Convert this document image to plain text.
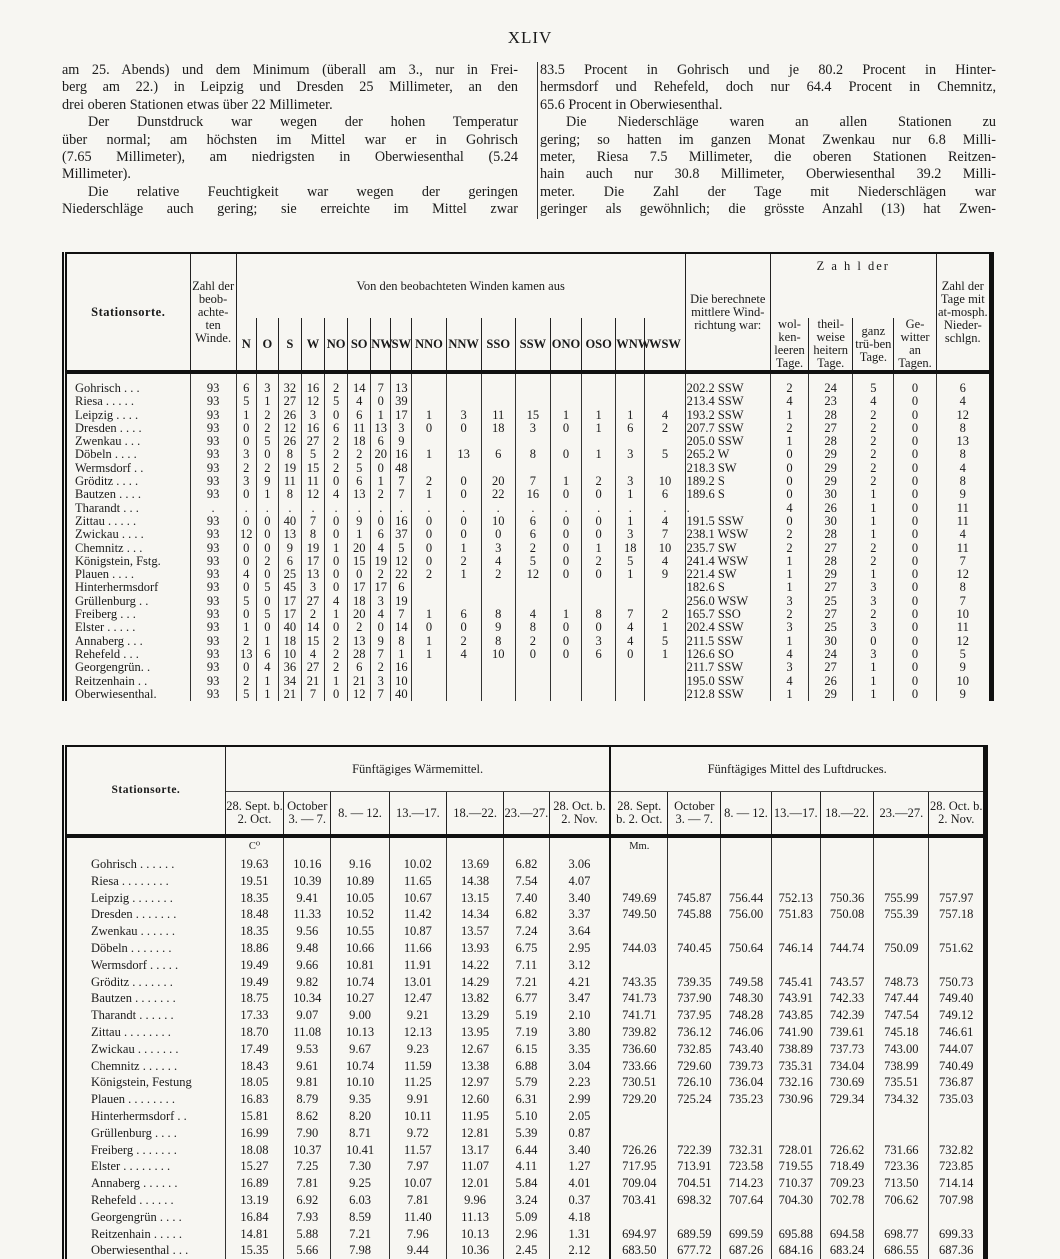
XLIV
am 25. Abends) und dem Minimum (überall am 3., nur in Frei-
berg am 22.) in Leipzig und Dresden 25 Millimeter, an den
drei oberen Stationen etwas über 22 Millimeter.
Der Dunstdruck war wegen der hohen Temperatur
über normal; am höchsten im Mittel war er in Gohrisch
(7.65 Millimeter), am niedrigsten in Oberwiesenthal (5.24
Millimeter).
Die relative Feuchtigkeit war wegen der geringen
Niederschläge auch gering; sie erreichte im Mittel zwar
83.5 Procent in Gohrisch und je 80.2 Procent in Hinter-
hermsdorf und Rehefeld, doch nur 64.4 Procent in Chemnitz,
65.6 Procent in Oberwiesenthal.
Die Niederschläge waren an allen Stationen zu
gering; so hatten im ganzen Monat Zwenkau nur 6.8 Milli-
meter, Riesa 7.5 Millimeter, die oberen Stationen Reitzen-
hain auch nur 30.8 Millimeter, Oberwiesenthal 39.2 Milli-
meter. Die Zahl der Tage mit Niederschlägen war
geringer als gewöhnlich; die grösste Anzahl (13) hat Zwen-
Stationsorte.	Zahl der beob-achte-ten Winde.	Von den beobachteten Winden kamen aus																Die berechnete mittlere Wind-richtung war:	Z a h l der				Zahl der Tage mit at-mosph. Nieder-schlgn.
		N	O	S	W	NO	SO	NW	SW	NNO	NNW	SSO	SSW	ONO	OSO	WNW	WSW		wol-ken-leeren Tage.	theil-weise heitern Tage.	ganz trü-ben Tage.	Ge-witter an Tagen.	
Gohrisch . . .	93	6	3	32	16	2	14	7	13									202.2 SSW	2	24	5	0	6
Riesa . . . . .	93	5	1	27	12	5	4	0	39									213.4 SSW	4	23	4	0	4
Leipzig . . . .	93	1	2	26	3	0	6	1	17	1	3	11	15	1	1	1	4	193.2 SSW	1	28	2	0	12
Dresden . . . .	93	0	2	12	16	6	11	13	3	0	0	18	3	0	1	6	2	207.7 SSW	2	27	2	0	8
Zwenkau . . .	93	0	5	26	27	2	18	6	9									205.0 SSW	1	28	2	0	13
Döbeln . . . .	93	3	0	8	5	2	2	20	16	1	13	6	8	0	1	3	5	265.2 W	0	29	2	0	8
Wermsdorf . .	93	2	2	19	15	2	5	0	48									218.3 SW	0	29	2	0	4
Gröditz . . . .	93	3	9	11	11	0	6	1	7	2	0	20	7	1	2	3	10	189.2 S	0	29	2	0	8
Bautzen . . . .	93	0	1	8	12	4	13	2	7	1	0	22	16	0	0	1	6	189.6 S	0	30	1	0	9
Tharandt . . .	.	.	.	.	.	.	.	.	.	.	.	.	.	.	.	.	.	.	4	26	1	0	11
Zittau . . . . .	93	0	0	40	7	0	9	0	16	0	0	10	6	0	0	1	4	191.5 SSW	0	30	1	0	11
Zwickau . . . .	93	12	0	13	8	0	1	6	37	0	0	0	6	0	0	3	7	238.1 WSW	2	28	1	0	4
Chemnitz . . .	93	0	0	9	19	1	20	4	5	0	1	3	2	0	1	18	10	235.7 SW	2	27	2	0	11
Königstein, Fstg.	93	0	2	6	17	0	15	19	12	0	2	4	5	0	2	5	4	241.4 WSW	1	28	2	0	7
Plauen . . . .	93	4	0	25	13	0	0	2	22	2	1	2	12	0	0	1	9	221.4 SW	1	29	1	0	12
Hinterhermsdorf	93	0	5	45	3	0	17	17	6									182.6 S	1	27	3	0	8
Grüllenburg . .	93	5	0	17	27	4	18	3	19									256.0 WSW	3	25	3	0	7
Freiberg . . .	93	0	5	17	2	1	20	4	7	1	6	8	4	1	8	7	2	165.7 SSO	2	27	2	0	10
Elster . . . . .	93	1	0	40	14	0	2	0	14	0	0	9	8	0	0	4	1	202.4 SSW	3	25	3	0	11
Annaberg . . .	93	2	1	18	15	2	13	9	8	1	2	8	2	0	3	4	5	211.5 SSW	1	30	0	0	12
Rehefeld . . .	93	13	6	10	4	2	28	7	1	1	4	10	0	0	6	0	1	126.6 SO	4	24	3	0	5
Georgengrün. .	93	0	4	36	27	2	6	2	16									211.7 SSW	3	27	1	0	9
Reitzenhain . .	93	2	1	34	21	1	21	3	10									195.0 SSW	4	26	1	0	10
Oberwiesenthal.	93	5	1	21	7	0	12	7	40									212.8 SSW	1	29	1	0	9
Stationsorte.	Fünftägiges Wärmemittel.							Fünftägiges Mittel des Luftdruckes.						
	28. Sept. b. 2. Oct.	October 3. — 7.	8. — 12.	13.—17.	18.—22.	23.—27.	28. Oct. b. 2. Nov.	28. Sept. b. 2. Oct.	October 3. — 7.	8. — 12.	13.—17.	18.—22.	23.—27.	28. Oct. b. 2. Nov.
	C⁰							Mm.						
Gohrisch . . . . . .	19.63	10.16	9.16	10.02	13.69	6.82	3.06							
Riesa . . . . . . . .	19.51	10.39	10.89	11.65	14.38	7.54	4.07							
Leipzig . . . . . . .	18.35	9.41	10.05	10.67	13.15	7.40	3.40	749.69	745.87	756.44	752.13	750.36	755.99	757.97
Dresden . . . . . . .	18.48	11.33	10.52	11.42	14.34	6.82	3.37	749.50	745.88	756.00	751.83	750.08	755.39	757.18
Zwenkau . . . . . .	18.35	9.56	10.55	10.87	13.57	7.24	3.64							
Döbeln . . . . . . .	18.86	9.48	10.66	11.66	13.93	6.75	2.95	744.03	740.45	750.64	746.14	744.74	750.09	751.62
Wermsdorf . . . . .	19.49	9.66	10.81	11.91	14.22	7.11	3.12							
Gröditz . . . . . . .	19.49	9.82	10.74	13.01	14.29	7.21	4.21	743.35	739.35	749.58	745.41	743.57	748.73	750.73
Bautzen . . . . . . .	18.75	10.34	10.27	12.47	13.82	6.77	3.47	741.73	737.90	748.30	743.91	742.33	747.44	749.40
Tharandt . . . . . .	17.33	9.07	9.00	9.21	13.29	5.19	2.10	741.71	737.95	748.28	743.85	742.39	747.54	749.12
Zittau . . . . . . . .	18.70	11.08	10.13	12.13	13.95	7.19	3.80	739.82	736.12	746.06	741.90	739.61	745.18	746.61
Zwickau . . . . . . .	17.49	9.53	9.67	9.23	12.67	6.15	3.35	736.60	732.85	743.40	738.89	737.73	743.00	744.07
Chemnitz . . . . . .	18.43	9.61	10.74	11.59	13.38	6.88	3.04	733.66	729.60	739.73	735.31	734.04	738.99	740.49
Königstein, Festung	18.05	9.81	10.10	11.25	12.97	5.79	2.23	730.51	726.10	736.04	732.16	730.69	735.51	736.87
Plauen . . . . . . . .	16.83	8.79	9.35	9.91	12.60	6.31	2.99	729.20	725.24	735.23	730.96	729.34	734.32	735.03
Hinterhermsdorf . .	15.81	8.62	8.20	10.11	11.95	5.10	2.05							
Grüllenburg . . . .	16.99	7.90	8.71	9.72	12.81	5.39	0.87							
Freiberg . . . . . . .	18.08	10.37	10.41	11.57	13.17	6.44	3.40	726.26	722.39	732.31	728.01	726.62	731.66	732.82
Elster . . . . . . . .	15.27	7.25	7.30	7.97	11.07	4.11	1.27	717.95	713.91	723.58	719.55	718.49	723.36	723.85
Annaberg . . . . . .	16.89	7.81	9.25	10.07	12.01	5.84	4.01	709.04	704.51	714.23	710.37	709.23	713.50	714.14
Rehefeld . . . . . .	13.19	6.92	6.03	7.81	9.96	3.24	0.37	703.41	698.32	707.64	704.30	702.78	706.62	707.98
Georgengrün . . . .	16.84	7.93	8.59	11.40	11.13	5.09	4.18							
Reitzenhain . . . . .	14.81	5.88	7.21	7.96	10.13	2.96	1.31	694.97	689.59	699.59	695.88	694.58	698.77	699.33
Oberwiesenthal . . .	15.35	5.66	7.98	9.44	10.36	2.45	2.12	683.50	677.72	687.26	684.16	683.24	686.55	687.36
